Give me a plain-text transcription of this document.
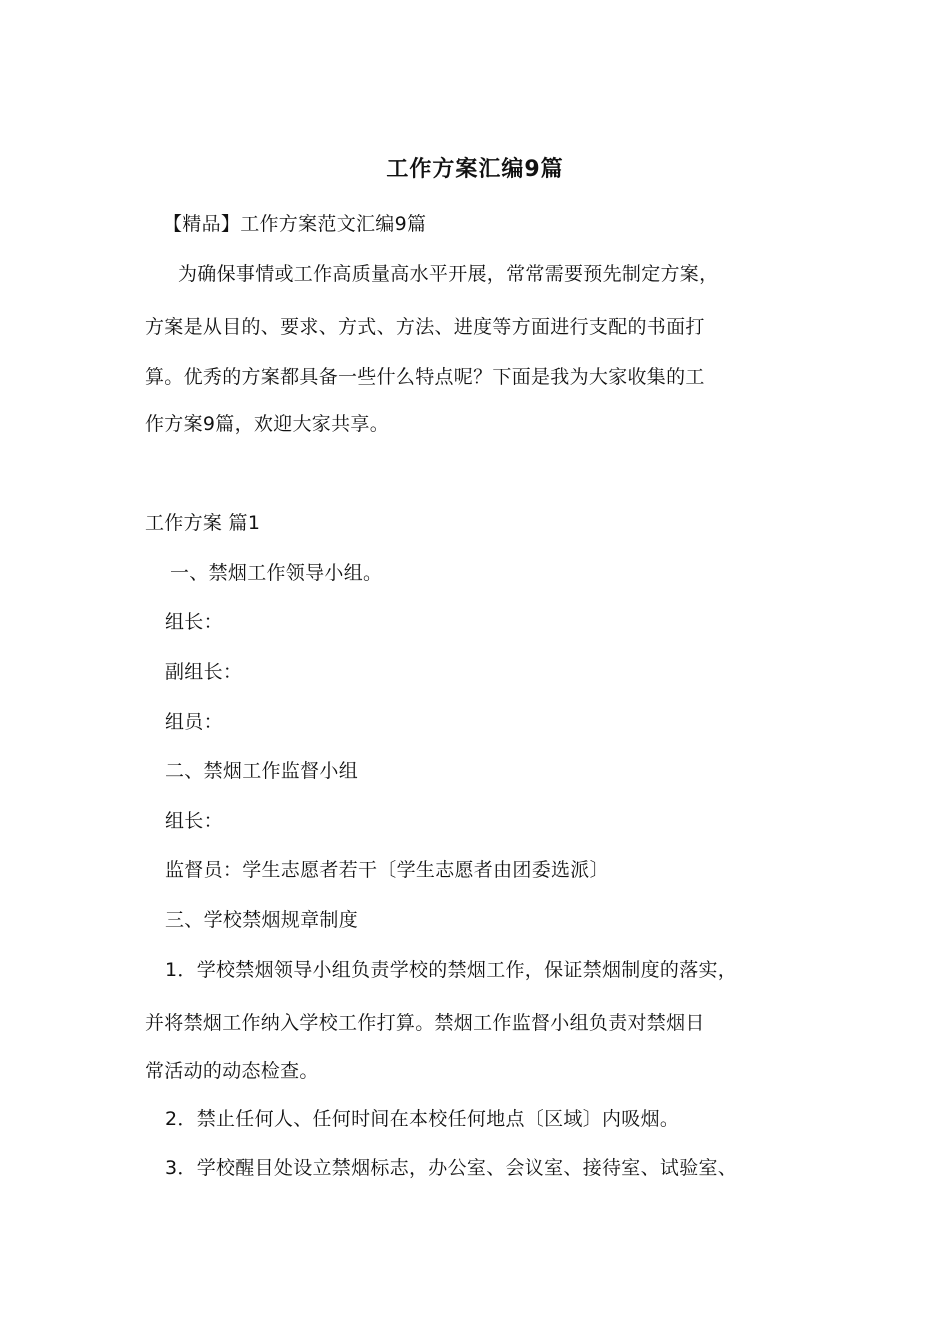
工作方案汇编9篇
【精品】工作方案范文汇编9篇
为确保事情或工作高质量高水平开展，常常需要预先制定方案，
方案是从目的、要求、方式、方法、进度等方面进行支配的书面打
算。优秀的方案都具备一些什么特点呢？下面是我为大家收集的工
作方案9篇，欢迎大家共享。
工作方案 篇1
一、禁烟工作领导小组。
组长：
副组长：
组员：
二、禁烟工作监督小组
组长：
监督员：学生志愿者若干〔学生志愿者由团委选派〕
三、学校禁烟规章制度
1．学校禁烟领导小组负责学校的禁烟工作，保证禁烟制度的落实，
并将禁烟工作纳入学校工作打算。禁烟工作监督小组负责对禁烟日
常活动的动态检查。
2．禁止任何人、任何时间在本校任何地点〔区域〕内吸烟。
3．学校醒目处设立禁烟标志，办公室、会议室、接待室、试验室、
